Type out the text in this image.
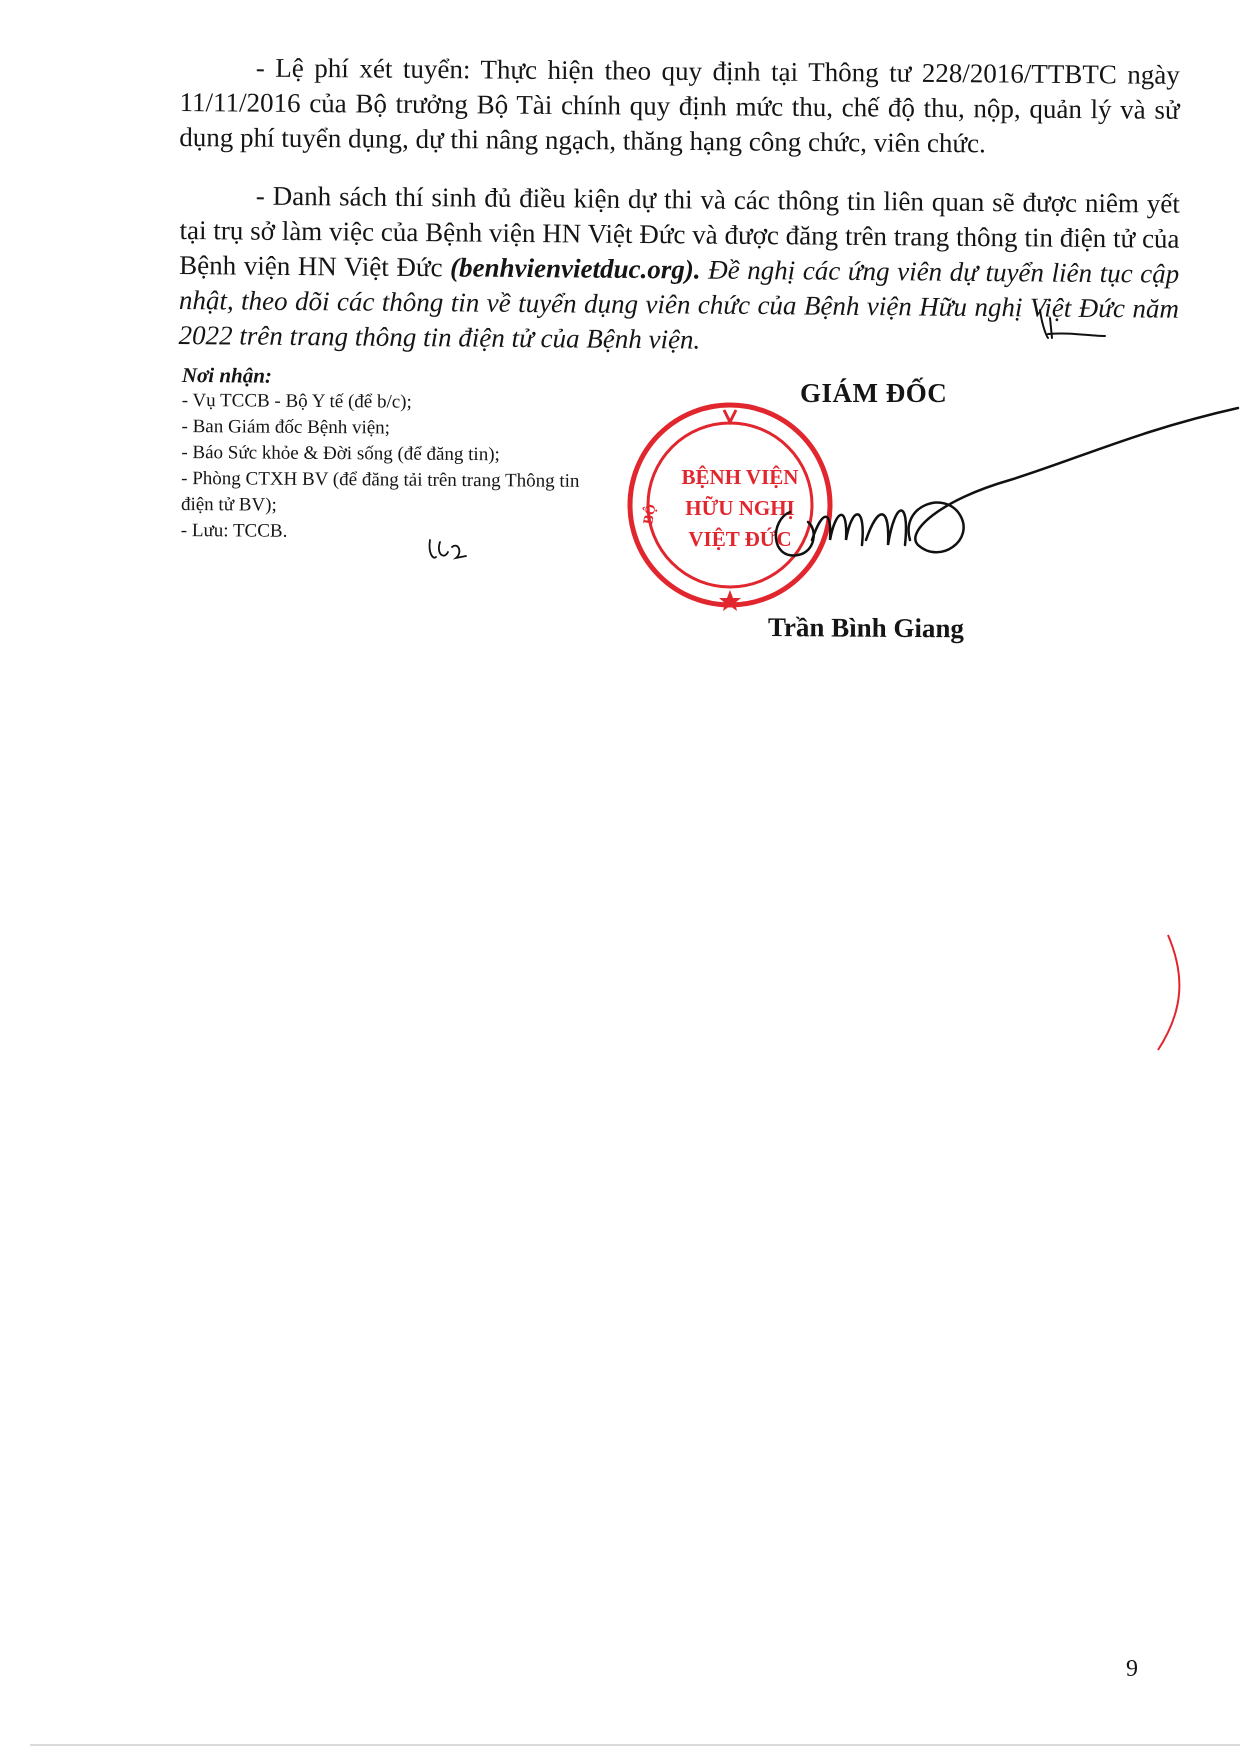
- Lệ phí xét tuyển: Thực hiện theo quy định tại Thông tư 228/2016/TTBTC ngày 11/11/2016 của Bộ trưởng Bộ Tài chính quy định mức thu, chế độ thu, nộp, quản lý và sử dụng phí tuyển dụng, dự thi nâng ngạch, thăng hạng công chức, viên chức.

- Danh sách thí sinh đủ điều kiện dự thi và các thông tin liên quan sẽ được niêm yết tại trụ sở làm việc của Bệnh viện HN Việt Đức và được đăng trên trang thông tin điện tử của Bệnh viện HN Việt Đức (benhvienvietduc.org). Đề nghị các ứng viên dự tuyển liên tục cập nhật, theo dõi các thông tin về tuyển dụng viên chức của Bệnh viện Hữu nghị Việt Đức năm 2022 trên trang thông tin điện tử của Bệnh viện.

Nơi nhận:
- Vụ TCCB - Bộ Y tế (để b/c);
- Ban Giám đốc Bệnh viện;
- Báo Sức khỏe & Đời sống (để đăng tin);
- Phòng CTXH BV (để đăng tải trên trang Thông tin điện tử BV);
- Lưu: TCCB.
GIÁM ĐỐC
BỆNH VIỆN
HỮU NGHỊ
VIỆT ĐỨC
BỘ
Trần Bình Giang
9
